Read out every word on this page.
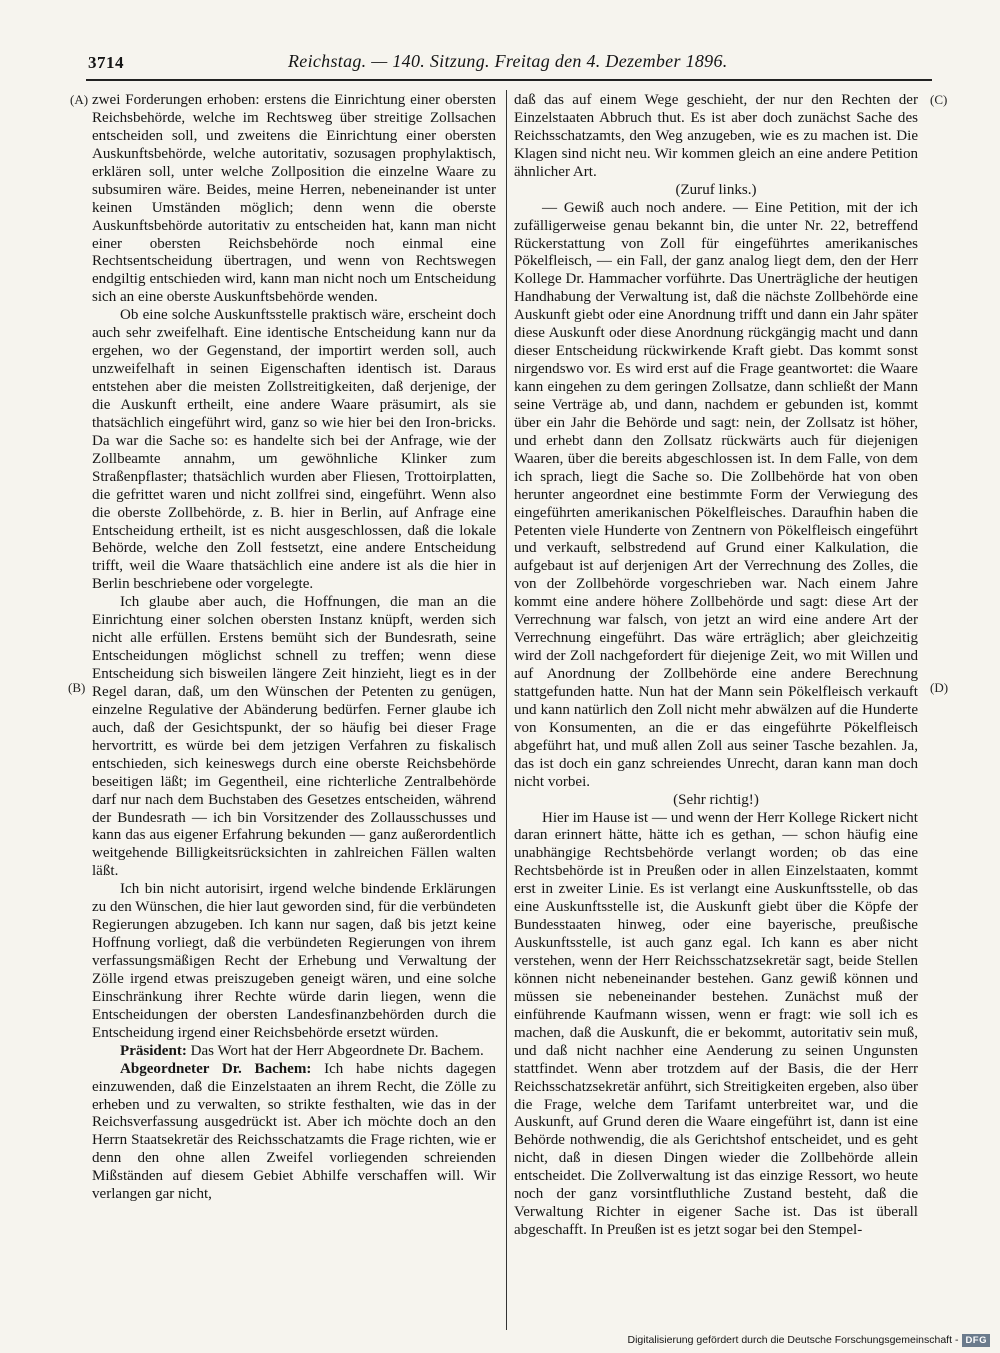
3714	Reichstag. — 140. Sitzung. Freitag den 4. Dezember 1896.
(A)
(B)
(C)
(D)

zwei Forderungen erhoben: erstens die Einrichtung einer obersten Reichsbehörde, welche im Rechtsweg über streitige Zollsachen entscheiden soll, und zweitens die Einrichtung einer obersten Auskunftsbehörde, welche autoritativ, sozusagen prophylaktisch, erklären soll, unter welche Zollposition die einzelne Waare zu subsumiren wäre. Beides, meine Herren, nebeneinander ist unter keinen Umständen möglich; denn wenn die oberste Auskunftsbehörde autoritativ zu entscheiden hat, kann man nicht einer obersten Reichsbehörde noch einmal eine Rechtsentscheidung übertragen, und wenn von Rechtswegen endgiltig entschieden wird, kann man nicht noch um Entscheidung sich an eine oberste Auskunftsbehörde wenden.

Ob eine solche Auskunftsstelle praktisch wäre, erscheint doch auch sehr zweifelhaft. Eine identische Entscheidung kann nur da ergehen, wo der Gegenstand, der importirt werden soll, auch unzweifelhaft in seinen Eigenschaften identisch ist. Daraus entstehen aber die meisten Zollstreitigkeiten, daß derjenige, der die Auskunft ertheilt, eine andere Waare präsumirt, als sie thatsächlich eingeführt wird, ganz so wie hier bei den Iron-bricks. Da war die Sache so: es handelte sich bei der Anfrage, wie der Zollbeamte annahm, um gewöhnliche Klinker zum Straßenpflaster; thatsächlich wurden aber Fliesen, Trottoirplatten, die gefrittet waren und nicht zollfrei sind, eingeführt. Wenn also die oberste Zollbehörde, z. B. hier in Berlin, auf Anfrage eine Entscheidung ertheilt, ist es nicht ausgeschlossen, daß die lokale Behörde, welche den Zoll festsetzt, eine andere Entscheidung trifft, weil die Waare thatsächlich eine andere ist als die hier in Berlin beschriebene oder vorgelegte.

Ich glaube aber auch, die Hoffnungen, die man an die Einrichtung einer solchen obersten Instanz knüpft, werden sich nicht alle erfüllen. Erstens bemüht sich der Bundesrath, seine Entscheidungen möglichst schnell zu treffen; wenn diese Entscheidung sich bisweilen längere Zeit hinzieht, liegt es in der Regel daran, daß, um den Wünschen der Petenten zu genügen, einzelne Regulative der Abänderung bedürfen. Ferner glaube ich auch, daß der Gesichtspunkt, der so häufig bei dieser Frage hervortritt, es würde bei dem jetzigen Verfahren zu fiskalisch entschieden, sich keineswegs durch eine oberste Reichsbehörde beseitigen läßt; im Gegentheil, eine richterliche Zentralbehörde darf nur nach dem Buchstaben des Gesetzes entscheiden, während der Bundesrath — ich bin Vorsitzender des Zollausschusses und kann das aus eigener Erfahrung bekunden — ganz außerordentlich weitgehende Billigkeitsrücksichten in zahlreichen Fällen walten läßt.

Ich bin nicht autorisirt, irgend welche bindende Erklärungen zu den Wünschen, die hier laut geworden sind, für die verbündeten Regierungen abzugeben. Ich kann nur sagen, daß bis jetzt keine Hoffnung vorliegt, daß die verbündeten Regierungen von ihrem verfassungsmäßigen Recht der Erhebung und Verwaltung der Zölle irgend etwas preiszugeben geneigt wären, und eine solche Einschränkung ihrer Rechte würde darin liegen, wenn die Entscheidungen der obersten Landesfinanzbehörden durch die Entscheidung irgend einer Reichsbehörde ersetzt würden.

Präsident: Das Wort hat der Herr Abgeordnete Dr. Bachem.

Abgeordneter Dr. Bachem: Ich habe nichts dagegen einzuwenden, daß die Einzelstaaten an ihrem Recht, die Zölle zu erheben und zu verwalten, so strikte festhalten, wie das in der Reichsverfassung ausgedrückt ist. Aber ich möchte doch an den Herrn Staatsekretär des Reichsschatzamts die Frage richten, wie er denn den ohne allen Zweifel vorliegenden schreienden Mißständen auf diesem Gebiet Abhilfe verschaffen will. Wir verlangen gar nicht,

daß das auf einem Wege geschieht, der nur den Rechten der Einzelstaaten Abbruch thut. Es ist aber doch zunächst Sache des Reichsschatzamts, den Weg anzugeben, wie es zu machen ist. Die Klagen sind nicht neu. Wir kommen gleich an eine andere Petition ähnlicher Art.

(Zuruf links.)

— Gewiß auch noch andere. — Eine Petition, mit der ich zufälligerweise genau bekannt bin, die unter Nr. 22, betreffend Rückerstattung von Zoll für eingeführtes amerikanisches Pökelfleisch, — ein Fall, der ganz analog liegt dem, den der Herr Kollege Dr. Hammacher vorführte. Das Unerträgliche der heutigen Handhabung der Verwaltung ist, daß die nächste Zollbehörde eine Auskunft giebt oder eine Anordnung trifft und dann ein Jahr später diese Auskunft oder diese Anordnung rückgängig macht und dann dieser Entscheidung rückwirkende Kraft giebt. Das kommt sonst nirgendswo vor. Es wird erst auf die Frage geantwortet: die Waare kann eingehen zu dem geringen Zollsatze, dann schließt der Mann seine Verträge ab, und dann, nachdem er gebunden ist, kommt über ein Jahr die Behörde und sagt: nein, der Zollsatz ist höher, und erhebt dann den Zollsatz rückwärts auch für diejenigen Waaren, über die bereits abgeschlossen ist. In dem Falle, von dem ich sprach, liegt die Sache so. Die Zollbehörde hat von oben herunter angeordnet eine bestimmte Form der Verwiegung des eingeführten amerikanischen Pökelfleisches. Daraufhin haben die Petenten viele Hunderte von Zentnern von Pökelfleisch eingeführt und verkauft, selbstredend auf Grund einer Kalkulation, die aufgebaut ist auf derjenigen Art der Verrechnung des Zolles, die von der Zollbehörde vorgeschrieben war. Nach einem Jahre kommt eine andere höhere Zollbehörde und sagt: diese Art der Verrechnung war falsch, von jetzt an wird eine andere Art der Verrechnung eingeführt. Das wäre erträglich; aber gleichzeitig wird der Zoll nachgefordert für diejenige Zeit, wo mit Willen und auf Anordnung der Zollbehörde eine andere Berechnung stattgefunden hatte. Nun hat der Mann sein Pökelfleisch verkauft und kann natürlich den Zoll nicht mehr abwälzen auf die Hunderte von Konsumenten, an die er das eingeführte Pökelfleisch abgeführt hat, und muß allen Zoll aus seiner Tasche bezahlen. Ja, das ist doch ein ganz schreiendes Unrecht, daran kann man doch nicht vorbei.

(Sehr richtig!)

Hier im Hause ist — und wenn der Herr Kollege Rickert nicht daran erinnert hätte, hätte ich es gethan, — schon häufig eine unabhängige Rechtsbehörde verlangt worden; ob das eine Rechtsbehörde ist in Preußen oder in allen Einzelstaaten, kommt erst in zweiter Linie. Es ist verlangt eine Auskunftsstelle, ob das eine Auskunftsstelle ist, die Auskunft giebt über die Köpfe der Bundesstaaten hinweg, oder eine bayerische, preußische Auskunftsstelle, ist auch ganz egal. Ich kann es aber nicht verstehen, wenn der Herr Reichsschatzsekretär sagt, beide Stellen können nicht nebeneinander bestehen. Ganz gewiß können und müssen sie nebeneinander bestehen. Zunächst muß der einführende Kaufmann wissen, wenn er fragt: wie soll ich es machen, daß die Auskunft, die er bekommt, autoritativ sein muß, und daß nicht nachher eine Aenderung zu seinen Ungunsten stattfindet. Wenn aber trotzdem auf der Basis, die der Herr Reichsschatzsekretär anführt, sich Streitigkeiten ergeben, also über die Frage, welche dem Tarifamt unterbreitet war, und die Auskunft, auf Grund deren die Waare eingeführt ist, dann ist eine Behörde nothwendig, die als Gerichtshof entscheidet, und es geht nicht, daß in diesen Dingen wieder die Zollbehörde allein entscheidet. Die Zollverwaltung ist das einzige Ressort, wo heute noch der ganz vorsintfluthliche Zustand besteht, daß die Verwaltung Richter in eigener Sache ist. Das ist überall abgeschafft. In Preußen ist es jetzt sogar bei den Stempel-

Digitalisierung gefördert durch die Deutsche Forschungsgemeinschaft - DFG
